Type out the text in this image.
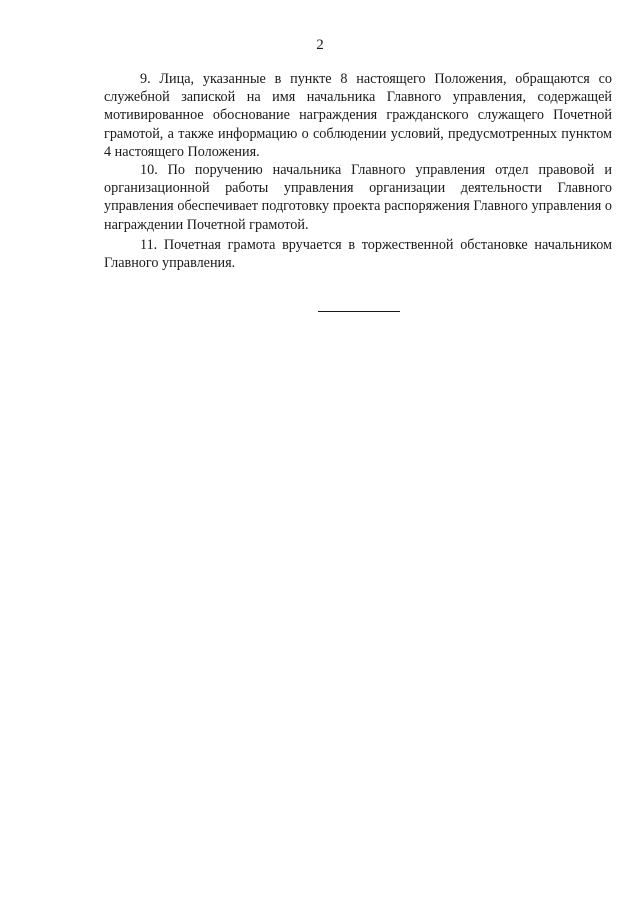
2

9. Лица, указанные в пункте 8 настоящего Положения, обращаются со служебной запиской на имя начальника Главного управления, содержащей мотивированное обоснование награждения гражданского служащего Почетной грамотой, а также информацию о соблюдении условий, предусмотренных пунктом 4 настоящего Положения.

10. По поручению начальника Главного управления отдел правовой и организационной работы управления организации деятельности Главного управления обеспечивает подготовку проекта распоряжения Главного управления о награждении Почетной грамотой.

11. Почетная грамота вручается в торжественной обстановке начальником Главного управления.
